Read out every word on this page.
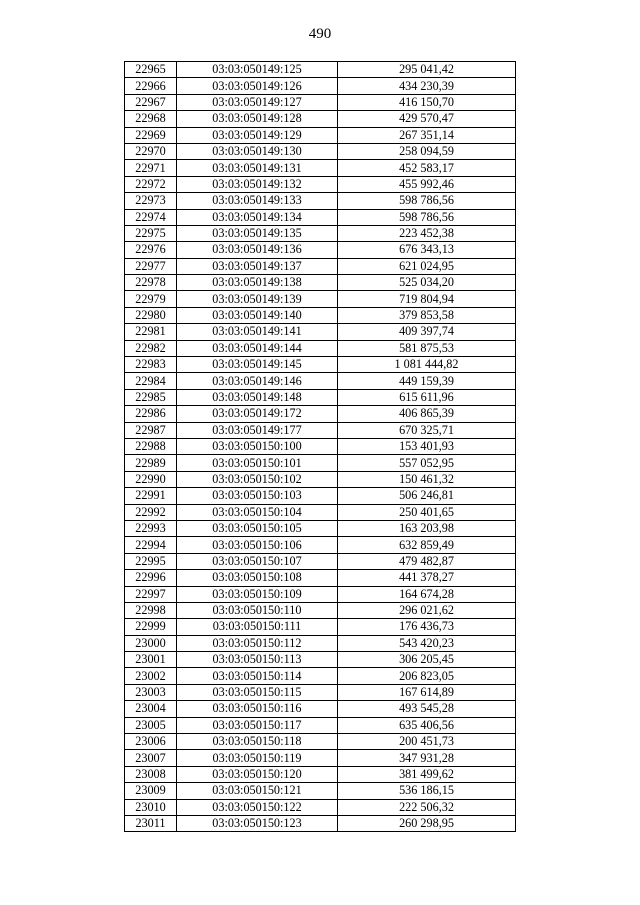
490
22965	03:03:050149:125	295 041,42
22966	03:03:050149:126	434 230,39
22967	03:03:050149:127	416 150,70
22968	03:03:050149:128	429 570,47
22969	03:03:050149:129	267 351,14
22970	03:03:050149:130	258 094,59
22971	03:03:050149:131	452 583,17
22972	03:03:050149:132	455 992,46
22973	03:03:050149:133	598 786,56
22974	03:03:050149:134	598 786,56
22975	03:03:050149:135	223 452,38
22976	03:03:050149:136	676 343,13
22977	03:03:050149:137	621 024,95
22978	03:03:050149:138	525 034,20
22979	03:03:050149:139	719 804,94
22980	03:03:050149:140	379 853,58
22981	03:03:050149:141	409 397,74
22982	03:03:050149:144	581 875,53
22983	03:03:050149:145	1 081 444,82
22984	03:03:050149:146	449 159,39
22985	03:03:050149:148	615 611,96
22986	03:03:050149:172	406 865,39
22987	03:03:050149:177	670 325,71
22988	03:03:050150:100	153 401,93
22989	03:03:050150:101	557 052,95
22990	03:03:050150:102	150 461,32
22991	03:03:050150:103	506 246,81
22992	03:03:050150:104	250 401,65
22993	03:03:050150:105	163 203,98
22994	03:03:050150:106	632 859,49
22995	03:03:050150:107	479 482,87
22996	03:03:050150:108	441 378,27
22997	03:03:050150:109	164 674,28
22998	03:03:050150:110	296 021,62
22999	03:03:050150:111	176 436,73
23000	03:03:050150:112	543 420,23
23001	03:03:050150:113	306 205,45
23002	03:03:050150:114	206 823,05
23003	03:03:050150:115	167 614,89
23004	03:03:050150:116	493 545,28
23005	03:03:050150:117	635 406,56
23006	03:03:050150:118	200 451,73
23007	03:03:050150:119	347 931,28
23008	03:03:050150:120	381 499,62
23009	03:03:050150:121	536 186,15
23010	03:03:050150:122	222 506,32
23011	03:03:050150:123	260 298,95
